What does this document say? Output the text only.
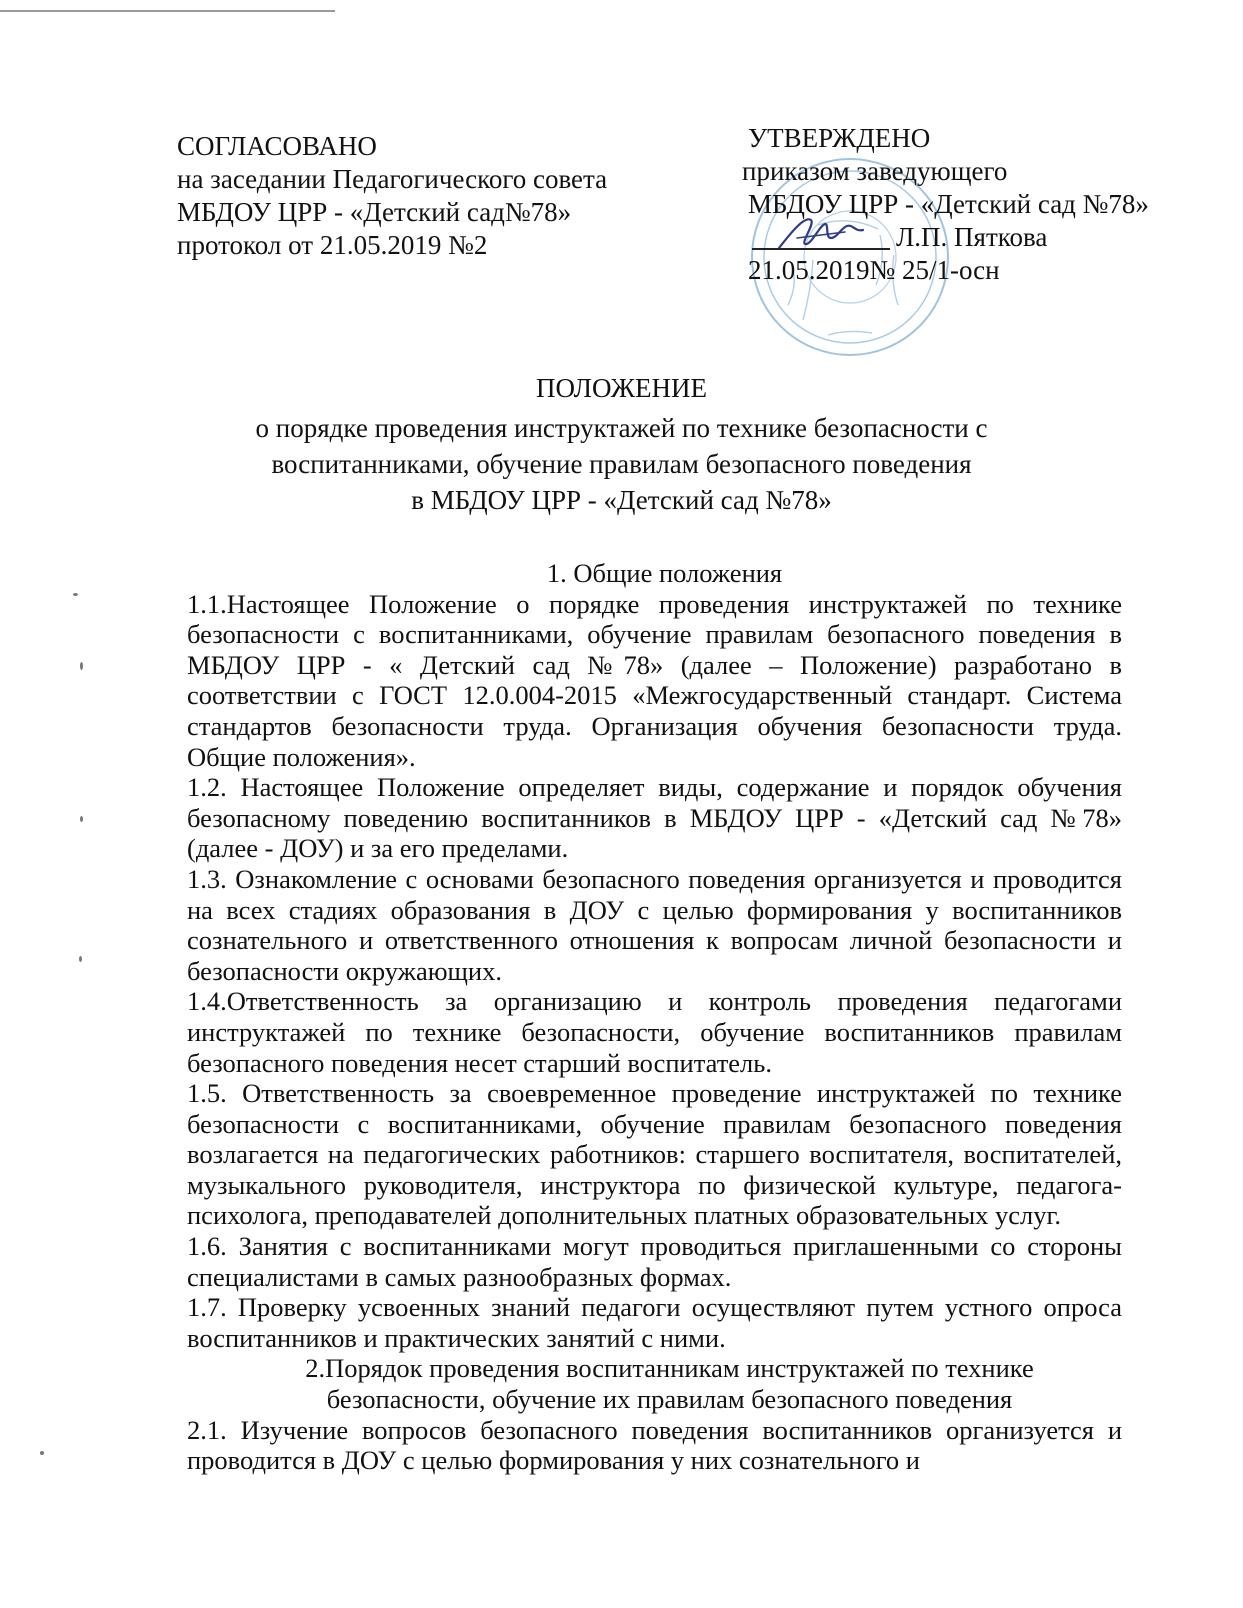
СОГЛАСОВАНО
на заседании Педагогического совета
МБДОУ ЦРР - «Детский сад№78»
протокол от 21.05.2019 №2
УТВЕРЖДЕНО
приказом заведующего
МБДОУ ЦРР - «Детский сад №78»
Л.П. Пяткова
21.05.2019№ 25/1-осн
ПОЛОЖЕНИЕ
о порядке проведения инструктажей по технике безопасности с
воспитанниками, обучение правилам безопасного поведения
в МБДОУ ЦРР - «Детский сад №78»
1. Общие положения
1.1.Настоящее Положение о порядке проведения инструктажей по технике безопасности с воспитанниками, обучение правилам безопасного поведения в МБДОУ ЦРР - « Детский сад №78» (далее – Положение) разработано в соответствии с ГОСТ 12.0.004-2015 «Межгосударственный стандарт. Система стандартов безопасности труда. Организация обучения безопасности труда. Общие положения».
1.2. Настоящее Положение определяет виды, содержание и порядок обучения безопасному поведению воспитанников в МБДОУ ЦРР - «Детский сад №78» (далее - ДОУ) и за его пределами.
1.3. Ознакомление с основами безопасного поведения организуется и проводится на всех стадиях образования в ДОУ с целью формирования у воспитанников сознательного и ответственного отношения к вопросам личной безопасности и безопасности окружающих.
1.4.Ответственность за организацию и контроль проведения педагогами инструктажей по технике безопасности, обучение воспитанников правилам безопасного поведения несет старший воспитатель.
1.5. Ответственность за своевременное проведение инструктажей по технике безопасности с воспитанниками, обучение правилам безопасного поведения возлагается на педагогических работников: старшего воспитателя, воспитателей, музыкального руководителя, инструктора по физической культуре, педагога- психолога, преподавателей дополнительных платных образовательных услуг.
1.6. Занятия с воспитанниками могут проводиться приглашенными со стороны специалистами в самых разнообразных формах.
1.7. Проверку усвоенных знаний педагоги осуществляют путем устного опроса воспитанников и практических занятий с ними.
2.Порядок проведения воспитанникам инструктажей по технике
безопасности, обучение их правилам безопасного поведения
2.1. Изучение вопросов безопасного поведения воспитанников организуется и проводится в ДОУ с целью формирования у них сознательного и
